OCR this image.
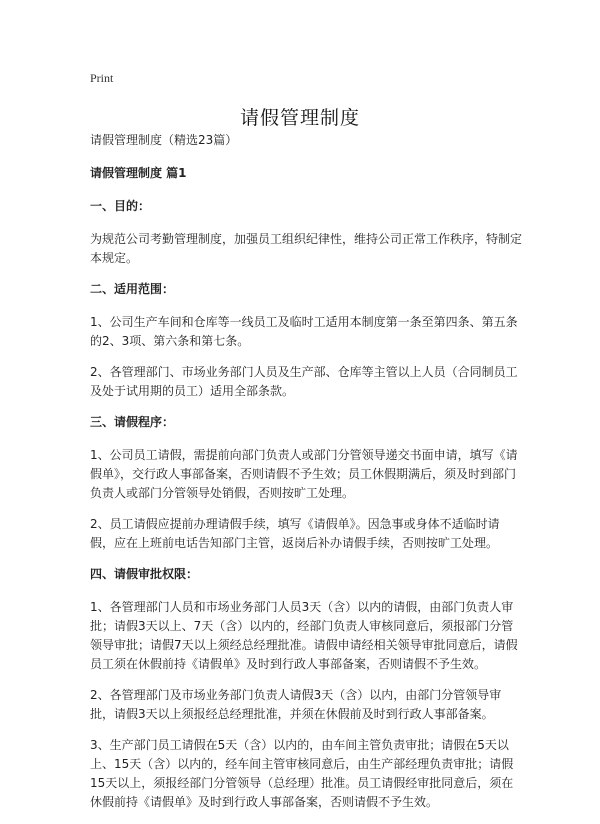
Print
请假管理制度

请假管理制度（精选23篇）

请假管理制度 篇1

一、目的：

为规范公司考勤管理制度，加强员工组织纪律性，维持公司正常工作秩序，特制定本规定。

二、适用范围：

1、公司生产车间和仓库等一线员工及临时工适用本制度第一条至第四条、第五条的2、3项、第六条和第七条。

2、各管理部门、市场业务部门人员及生产部、仓库等主管以上人员（合同制员工及处于试用期的员工）适用全部条款。

三、请假程序：

1、公司员工请假，需提前向部门负责人或部门分管领导递交书面申请，填写《请假单》，交行政人事部备案，否则请假不予生效；员工休假期满后，须及时到部门负责人或部门分管领导处销假，否则按旷工处理。

2、员工请假应提前办理请假手续，填写《请假单》。因急事或身体不适临时请假，应在上班前电话告知部门主管，返岗后补办请假手续，否则按旷工处理。

四、请假审批权限：

1、各管理部门人员和市场业务部门人员3天（含）以内的请假，由部门负责人审批；请假3天以上、7天（含）以内的，经部门负责人审核同意后，须报部门分管领导审批；请假7天以上须经总经理批准。请假申请经相关领导审批同意后，请假员工须在休假前持《请假单》及时到行政人事部备案，否则请假不予生效。

2、各管理部门及市场业务部门负责人请假3天（含）以内，由部门分管领导审批，请假3天以上须报经总经理批准，并须在休假前及时到行政人事部备案。

3、生产部门员工请假在5天（含）以内的，由车间主管负责审批；请假在5天以上、15天（含）以内的，经车间主管审核同意后，由生产部经理负责审批；请假15天以上，须报经部门分管领导（总经理）批准。员工请假经审批同意后，须在休假前持《请假单》及时到行政人事部备案，否则请假不予生效。
